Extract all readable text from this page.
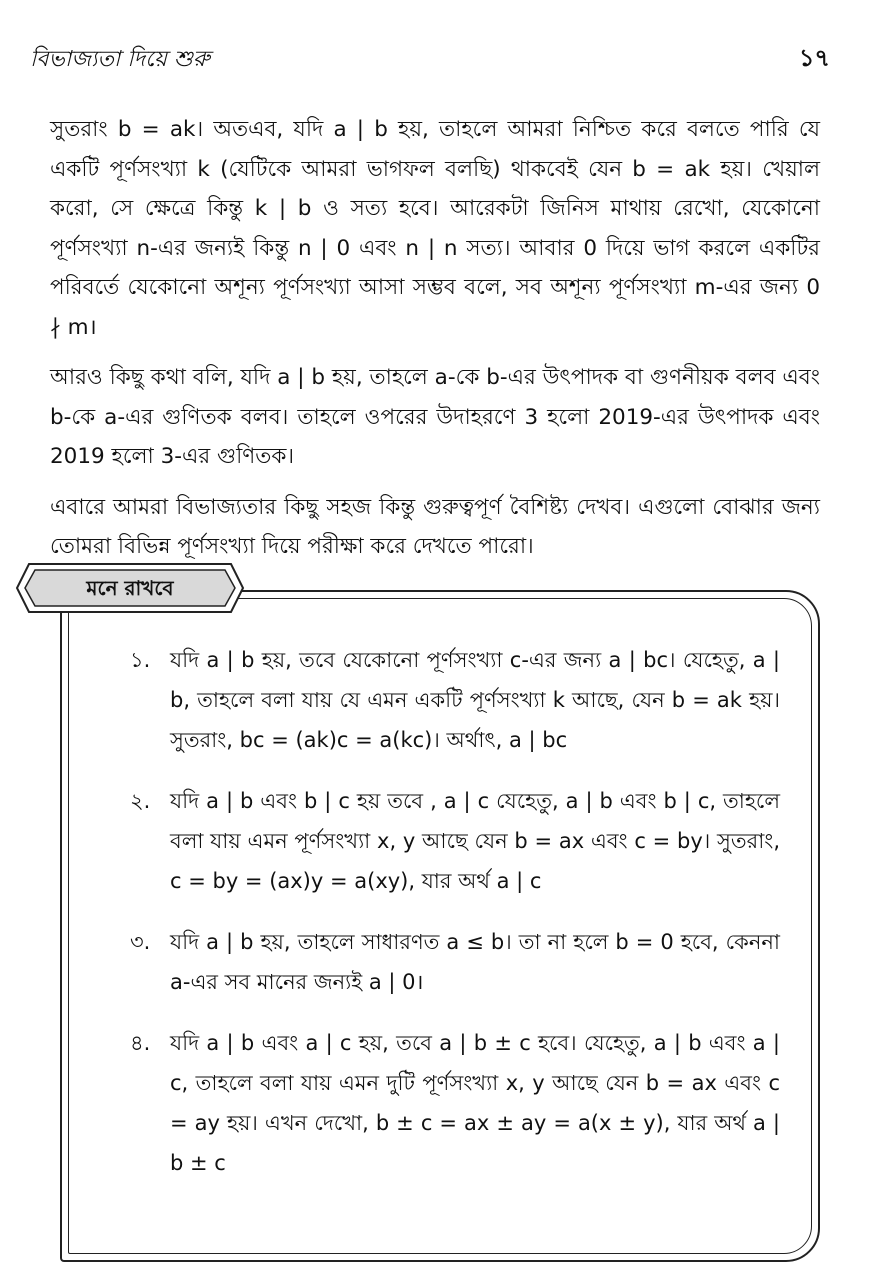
বিভাজ্যতা দিয়ে শুরু	১৭

সুতরাং b = ak। অতএব, যদি a | b হয়, তাহলে আমরা নিশ্চিত করে বলতে পারি যে একটি পূর্ণসংখ্যা k (যেটিকে আমরা ভাগফল বলছি) থাকবেই যেন b = ak হয়। খেয়াল করো, সে ক্ষেত্রে কিন্তু k | b ও সত্য হবে। আরেকটা জিনিস মাথায় রেখো, যেকোনো পূর্ণসংখ্যা n-এর জন্যই কিন্তু n | 0 এবং n | n সত্য। আবার 0 দিয়ে ভাগ করলে একটির পরিবর্তে যেকোনো অশূন্য পূর্ণসংখ্যা আসা সম্ভব বলে, সব অশূন্য পূর্ণসংখ্যা m-এর জন্য 0 ∤ m।

আরও কিছু কথা বলি, যদি a | b হয়, তাহলে a-কে b-এর উৎপাদক বা গুণনীয়ক বলব এবং b-কে a-এর গুণিতক বলব। তাহলে ওপরের উদাহরণে 3 হলো 2019-এর উৎপাদক এবং 2019 হলো 3-এর গুণিতক।

এবারে আমরা বিভাজ্যতার কিছু সহজ কিন্তু গুরুত্বপূর্ণ বৈশিষ্ট্য দেখব। এগুলো বোঝার জন্য তোমরা বিভিন্ন পূর্ণসংখ্যা দিয়ে পরীক্ষা করে দেখতে পারো।

মনে রাখবে
১. যদি a | b হয়, তবে যেকোনো পূর্ণসংখ্যা c-এর জন্য a | bc। যেহেতু, a | b, তাহলে বলা যায় যে এমন একটি পূর্ণসংখ্যা k আছে, যেন b = ak হয়। সুতরাং, bc = (ak)c = a(kc)। অর্থাৎ, a | bc
২. যদি a | b এবং b | c হয় তবে , a | c যেহেতু, a | b এবং b | c, তাহলে বলা যায় এমন পূর্ণসংখ্যা x, y আছে যেন b = ax এবং c = by। সুতরাং, c = by = (ax)y = a(xy), যার অর্থ a | c
৩. যদি a | b হয়, তাহলে সাধারণত a ≤ b। তা না হলে b = 0 হবে, কেননা a-এর সব মানের জন্যই a | 0।
৪. যদি a | b এবং a | c হয়, তবে a | b ± c হবে। যেহেতু, a | b এবং a | c, তাহলে বলা যায় এমন দুটি পূর্ণসংখ্যা x, y আছে যেন b = ax এবং c = ay হয়। এখন দেখো, b ± c = ax ± ay = a(x ± y), যার অর্থ a | b ± c
